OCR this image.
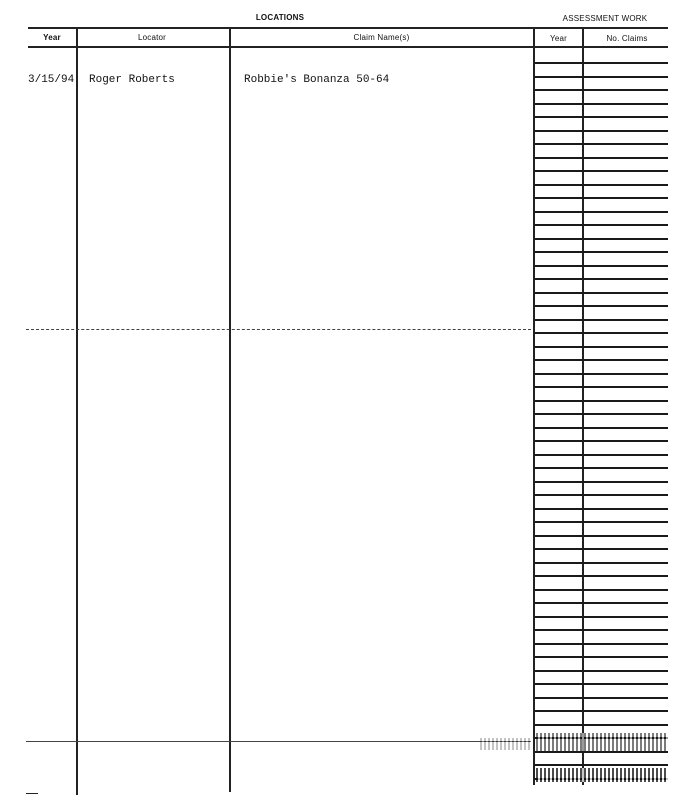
LOCATIONS	ASSESSMENT WORK
Year	Locator	Claim Name(s)	Year	No. Claims
3/15/94 Roger Roberts	Robbie's Bonanza 50-64
